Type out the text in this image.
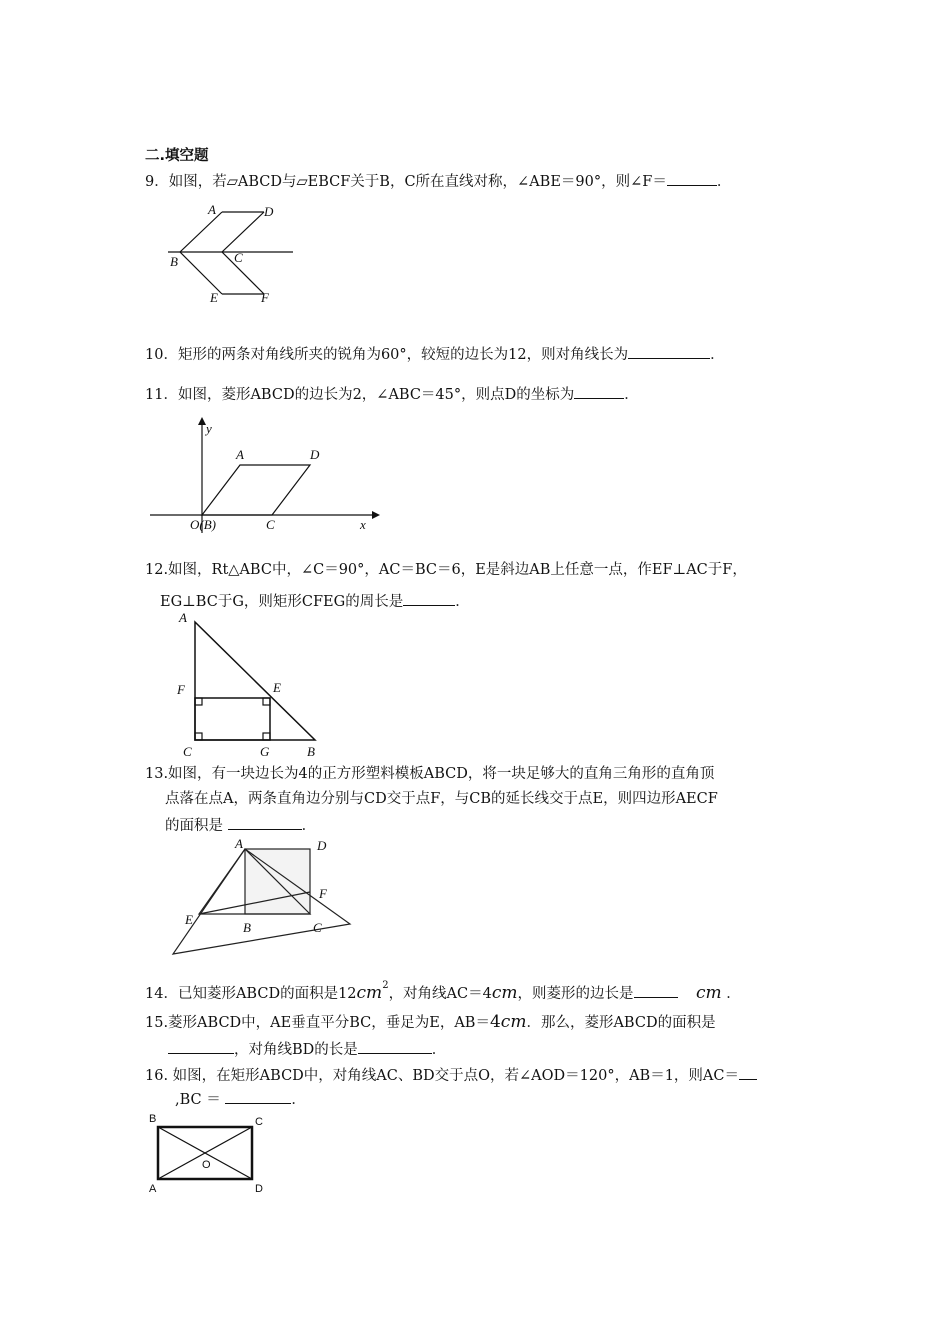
二.填空题
9．如图，若▱ABCD与▱EBCF关于B，C所在直线对称，∠ABE＝90°，则∠F＝	．
A	D
B	C
E	F
10．矩形的两条对角线所夹的锐角为60°，较短的边长为12，则对角线长为	．
11．如图，菱形ABCD的边长为2，∠ABC＝45°，则点D的坐标为	．
y
x
A	D
C
O(B)
12.如图，Rt△ABC中，∠C＝90°，AC＝BC＝6，E是斜边AB上任意一点，作EF⊥AC于F，
EG⊥BC于G，则矩形CFEG的周长是	．
A
F	E
C	G	B
13.如图，有一块边长为4的正方形塑料模板ABCD，将一块足够大的直角三角形的直角顶
点落在点A，两条直角边分别与CD交于点F，与CB的延长线交于点E，则四边形AECF
的面积是	．
A	D
F
E
B	C
14．已知菱形ABCD的面积是$12cm^2$，对角线AC＝4cm，则菱形的边长是	cm ．
15.菱形ABCD中，AE垂直平分BC，垂足为E，AB＝4cm．那么，菱形ABCD的面积是
，对角线BD的长是	．
16. 如图，在矩形ABCD中，对角线AC、BD交于点O，若∠AOD＝120°，AB＝1，则AC＝
,BC ＝	．
B	C
O
A	D
